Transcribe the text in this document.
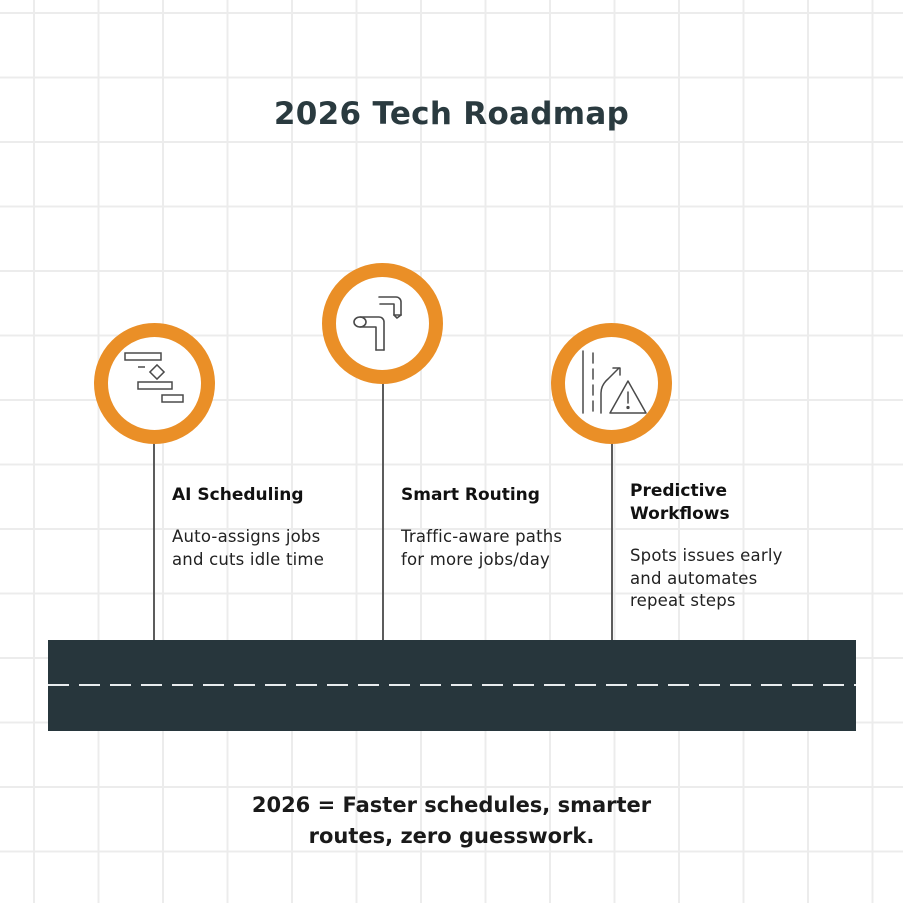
2026 Tech Roadmap

AI Scheduling

Auto-assigns jobs
and cuts idle time

Smart Routing

Traffic-aware paths
for more jobs/day

Predictive
Workflows

Spots issues early
and automates
repeat steps
2026 = Faster schedules, smarter
routes, zero guesswork.
